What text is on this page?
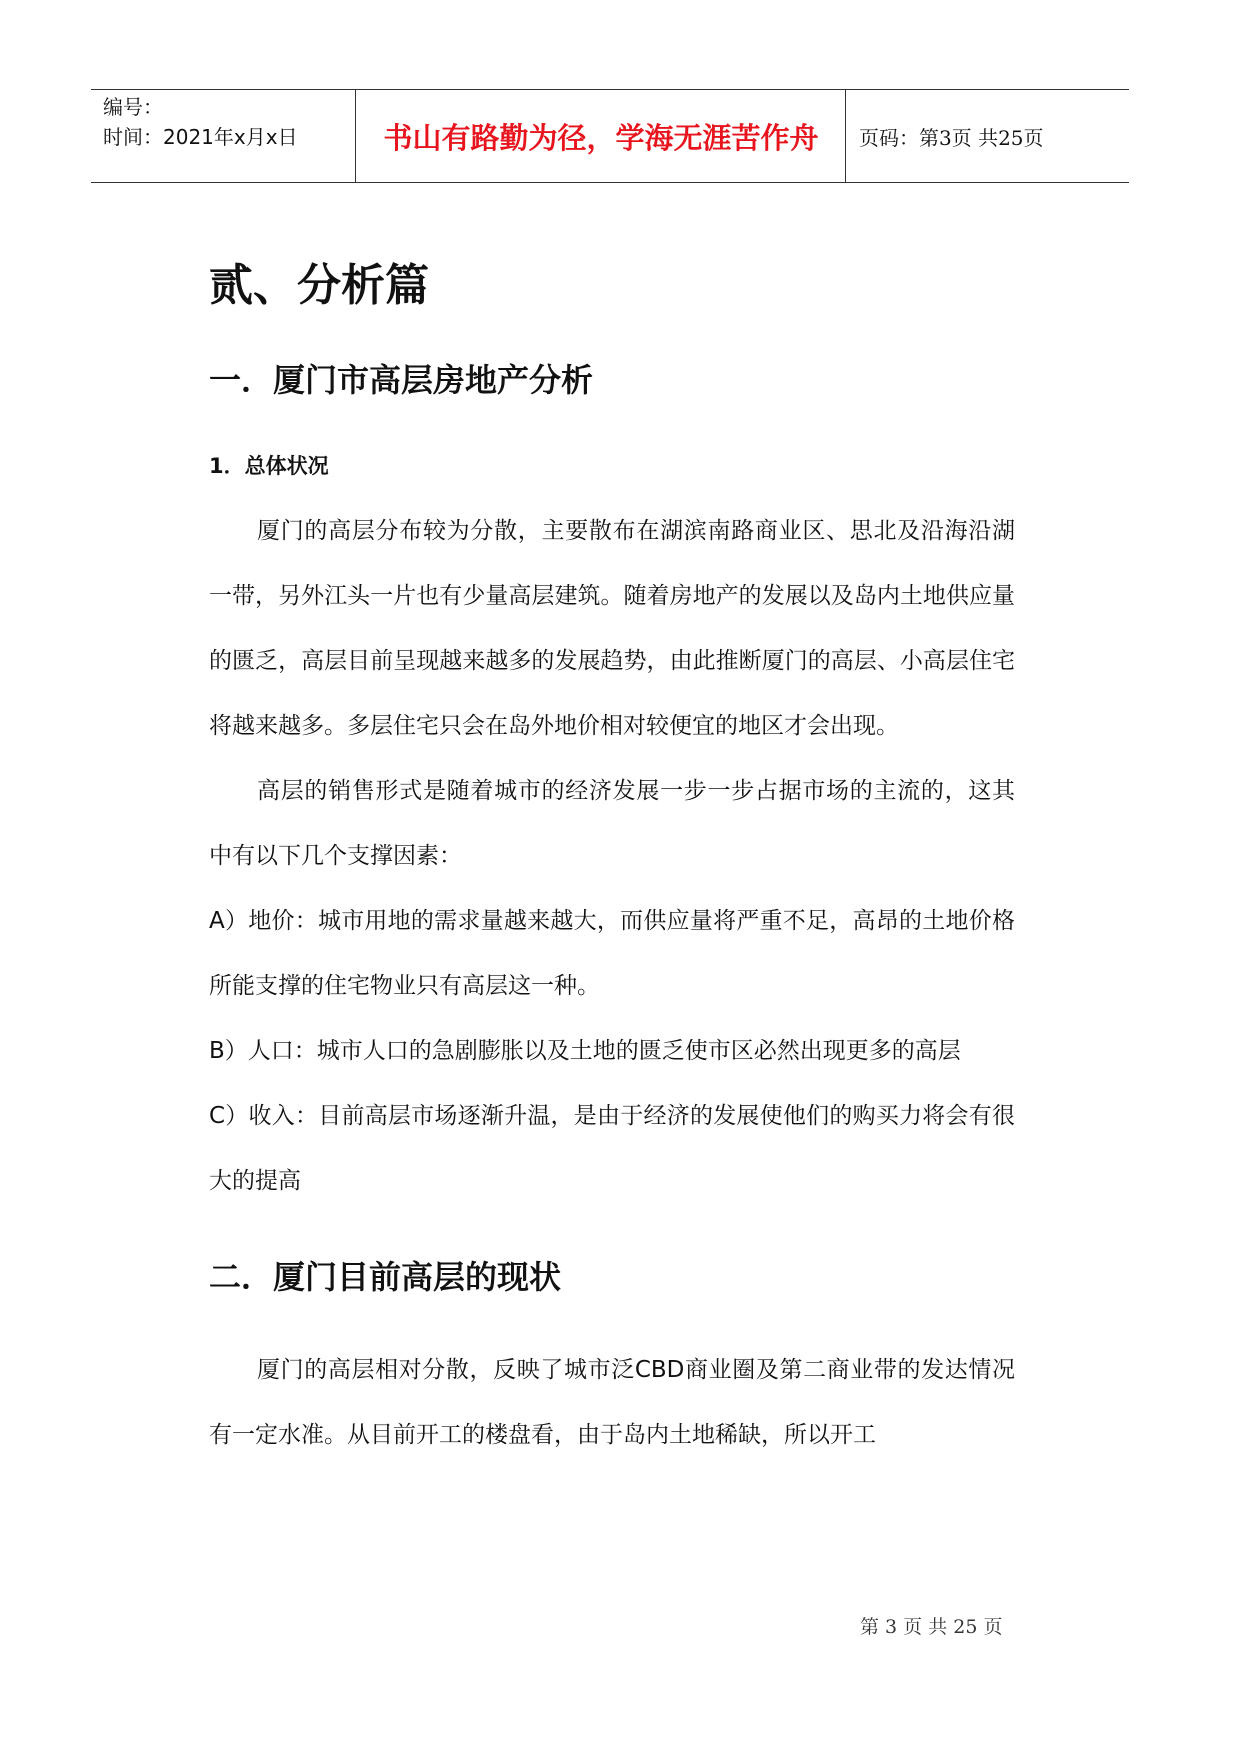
编号：
时间：2021年x月x日	书山有路勤为径，学海无涯苦作舟	页码：第3页 共25页
贰、分析篇
一．厦门市高层房地产分析
1．总体状况

厦门的高层分布较为分散，主要散布在湖滨南路商业区、思北及沿海沿湖一带，另外江头一片也有少量高层建筑。随着房地产的发展以及岛内土地供应量的匮乏，高层目前呈现越来越多的发展趋势，由此推断厦门的高层、小高层住宅将越来越多。多层住宅只会在岛外地价相对较便宜的地区才会出现。

高层的销售形式是随着城市的经济发展一步一步占据市场的主流的，这其中有以下几个支撑因素：

A）地价：城市用地的需求量越来越大，而供应量将严重不足，高昂的土地价格所能支撑的住宅物业只有高层这一种。

B）人口：城市人口的急剧膨胀以及土地的匮乏使市区必然出现更多的高层

C）收入：目前高层市场逐渐升温，是由于经济的发展使他们的购买力将会有很大的提高

二．厦门目前高层的现状

厦门的高层相对分散，反映了城市泛CBD商业圈及第二商业带的发达情况有一定水准。从目前开工的楼盘看，由于岛内土地稀缺，所以开工

第 3 页 共 25 页
